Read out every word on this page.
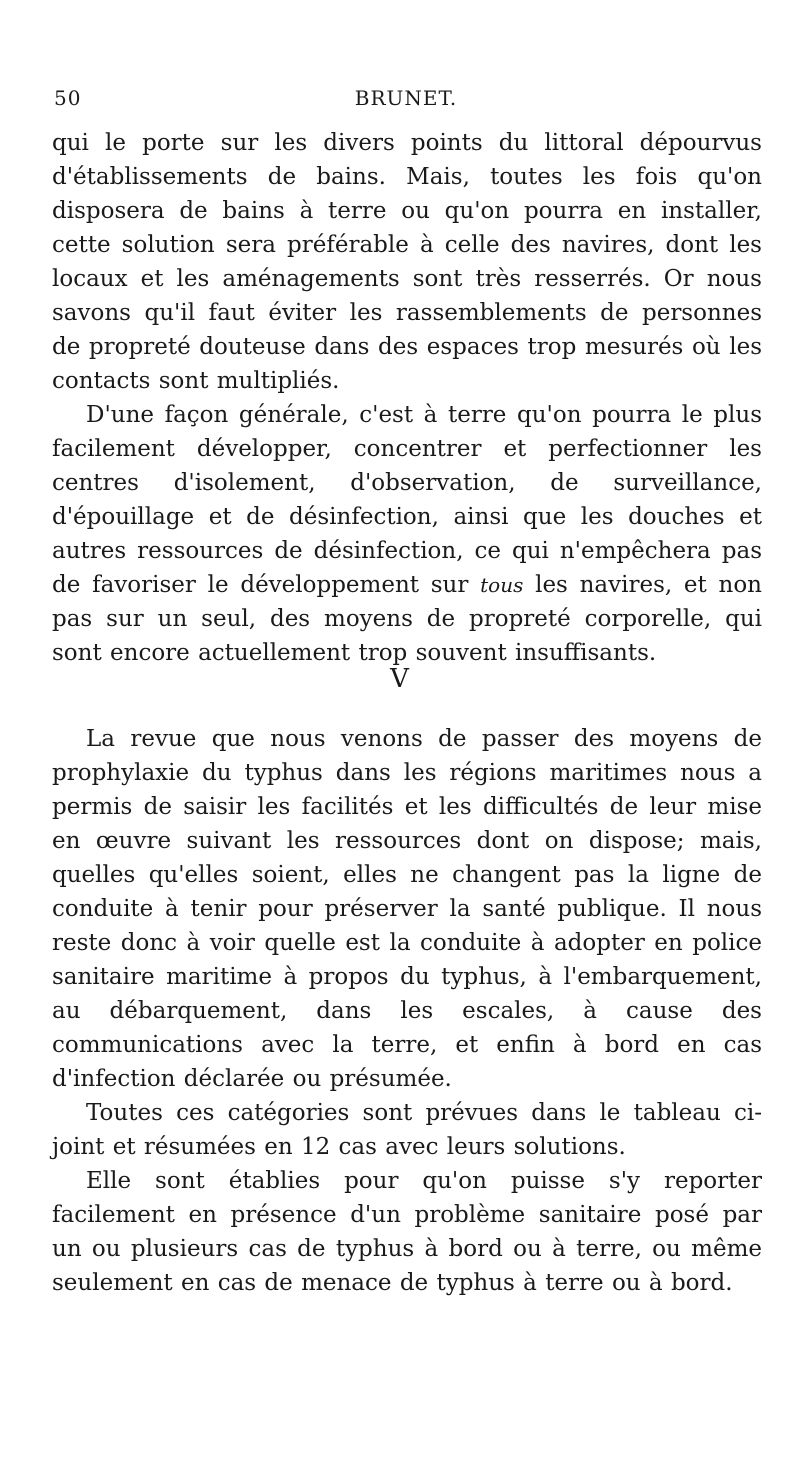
50	BRUNET.

qui le porte sur les divers points du littoral dépourvus d'établissements de bains. Mais, toutes les fois qu'on disposera de bains à terre ou qu'on pourra en installer, cette solution sera préférable à celle des navires, dont les locaux et les aménagements sont très resserrés. Or nous savons qu'il faut éviter les rassemblements de personnes de propreté douteuse dans des espaces trop mesurés où les contacts sont multipliés.

D'une façon générale, c'est à terre qu'on pourra le plus facilement développer, concentrer et perfectionner les centres d'isolement, d'observation, de surveillance, d'épouillage et de désinfection, ainsi que les douches et autres ressources de désinfection, ce qui n'empêchera pas de favoriser le développement sur tous les navires, et non pas sur un seul, des moyens de propreté corporelle, qui sont encore actuellement trop souvent insuffisants.

V

La revue que nous venons de passer des moyens de prophylaxie du typhus dans les régions maritimes nous a permis de saisir les facilités et les difficultés de leur mise en œuvre suivant les ressources dont on dispose; mais, quelles qu'elles soient, elles ne changent pas la ligne de conduite à tenir pour préserver la santé publique. Il nous reste donc à voir quelle est la conduite à adopter en police sanitaire maritime à propos du typhus, à l'embarquement, au débarquement, dans les escales, à cause des communications avec la terre, et enfin à bord en cas d'infection déclarée ou présumée.

Toutes ces catégories sont prévues dans le tableau ci-joint et résumées en 12 cas avec leurs solutions.

Elle sont établies pour qu'on puisse s'y reporter facilement en présence d'un problème sanitaire posé par un ou plusieurs cas de typhus à bord ou à terre, ou même seulement en cas de menace de typhus à terre ou à bord.
